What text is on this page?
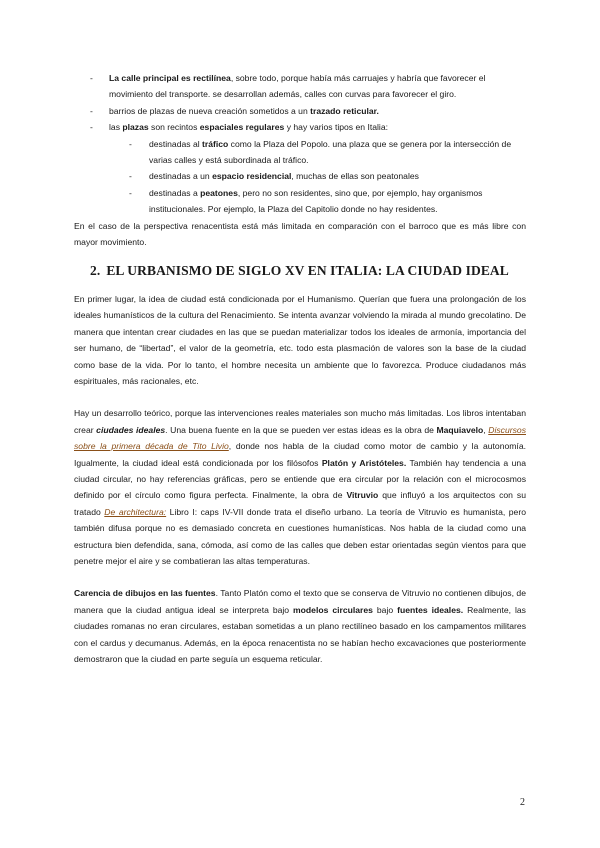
- La calle principal es rectilínea, sobre todo, porque había más carruajes y habría que favorecer el movimiento del transporte. se desarrollan además, calles con curvas para favorecer el giro.
- barrios de plazas de nueva creación sometidos a un trazado reticular.
- las plazas son recintos espaciales regulares y hay varios tipos en Italia:
- destinadas al tráfico como la Plaza del Popolo. una plaza que se genera por la intersección de varias calles y está subordinada al tráfico.
- destinadas a un espacio residencial, muchas de ellas son peatonales
- destinadas a peatones, pero no son residentes, sino que, por ejemplo, hay organismos institucionales. Por ejemplo, la Plaza del Capitolio donde no hay residentes.

En el caso de la perspectiva renacentista está más limitada en comparación con el barroco que es más libre con mayor movimiento.

2. EL URBANISMO DE SIGLO XV EN ITALIA: LA CIUDAD IDEAL

En primer lugar, la idea de ciudad está condicionada por el Humanismo. Querían que fuera una prolongación de los ideales humanísticos de la cultura del Renacimiento. Se intenta avanzar volviendo la mirada al mundo grecolatino. De manera que intentan crear ciudades en las que se puedan materializar todos los ideales de armonía, importancia del ser humano, de “libertad”, el valor de la geometría, etc. todo esta plasmación de valores son la base de la ciudad como base de la vida. Por lo tanto, el hombre necesita un ambiente que lo favorezca. Produce ciudadanos más espirituales, más racionales, etc.

Hay un desarrollo teórico, porque las intervenciones reales materiales son mucho más limitadas. Los libros intentaban crear ciudades ideales. Una buena fuente en la que se pueden ver estas ideas es la obra de Maquiavelo, Discursos sobre la primera década de Tito Livio, donde nos habla de la ciudad como motor de cambio y la autonomía. Igualmente, la ciudad ideal está condicionada por los filósofos Platón y Aristóteles. También hay tendencia a una ciudad circular, no hay referencias gráficas, pero se entiende que era circular por la relación con el microcosmos definido por el círculo como figura perfecta. Finalmente, la obra de Vitruvio que influyó a los arquitectos con su tratado De architectura: Libro I: caps IV-VII donde trata el diseño urbano. La teoría de Vitruvio es humanista, pero también difusa porque no es demasiado concreta en cuestiones humanísticas. Nos habla de la ciudad como una estructura bien defendida, sana, cómoda, así como de las calles que deben estar orientadas según vientos para que penetre mejor el aire y se combatieran las altas temperaturas.

Carencia de dibujos en las fuentes. Tanto Platón como el texto que se conserva de Vitruvio no contienen dibujos, de manera que la ciudad antigua ideal se interpreta bajo modelos circulares bajo fuentes ideales. Realmente, las ciudades romanas no eran circulares, estaban sometidas a un plano rectilíneo basado en los campamentos militares con el cardus y decumanus. Además, en la época renacentista no se habían hecho excavaciones que posteriormente demostraron que la ciudad en parte seguía un esquema reticular.

2
